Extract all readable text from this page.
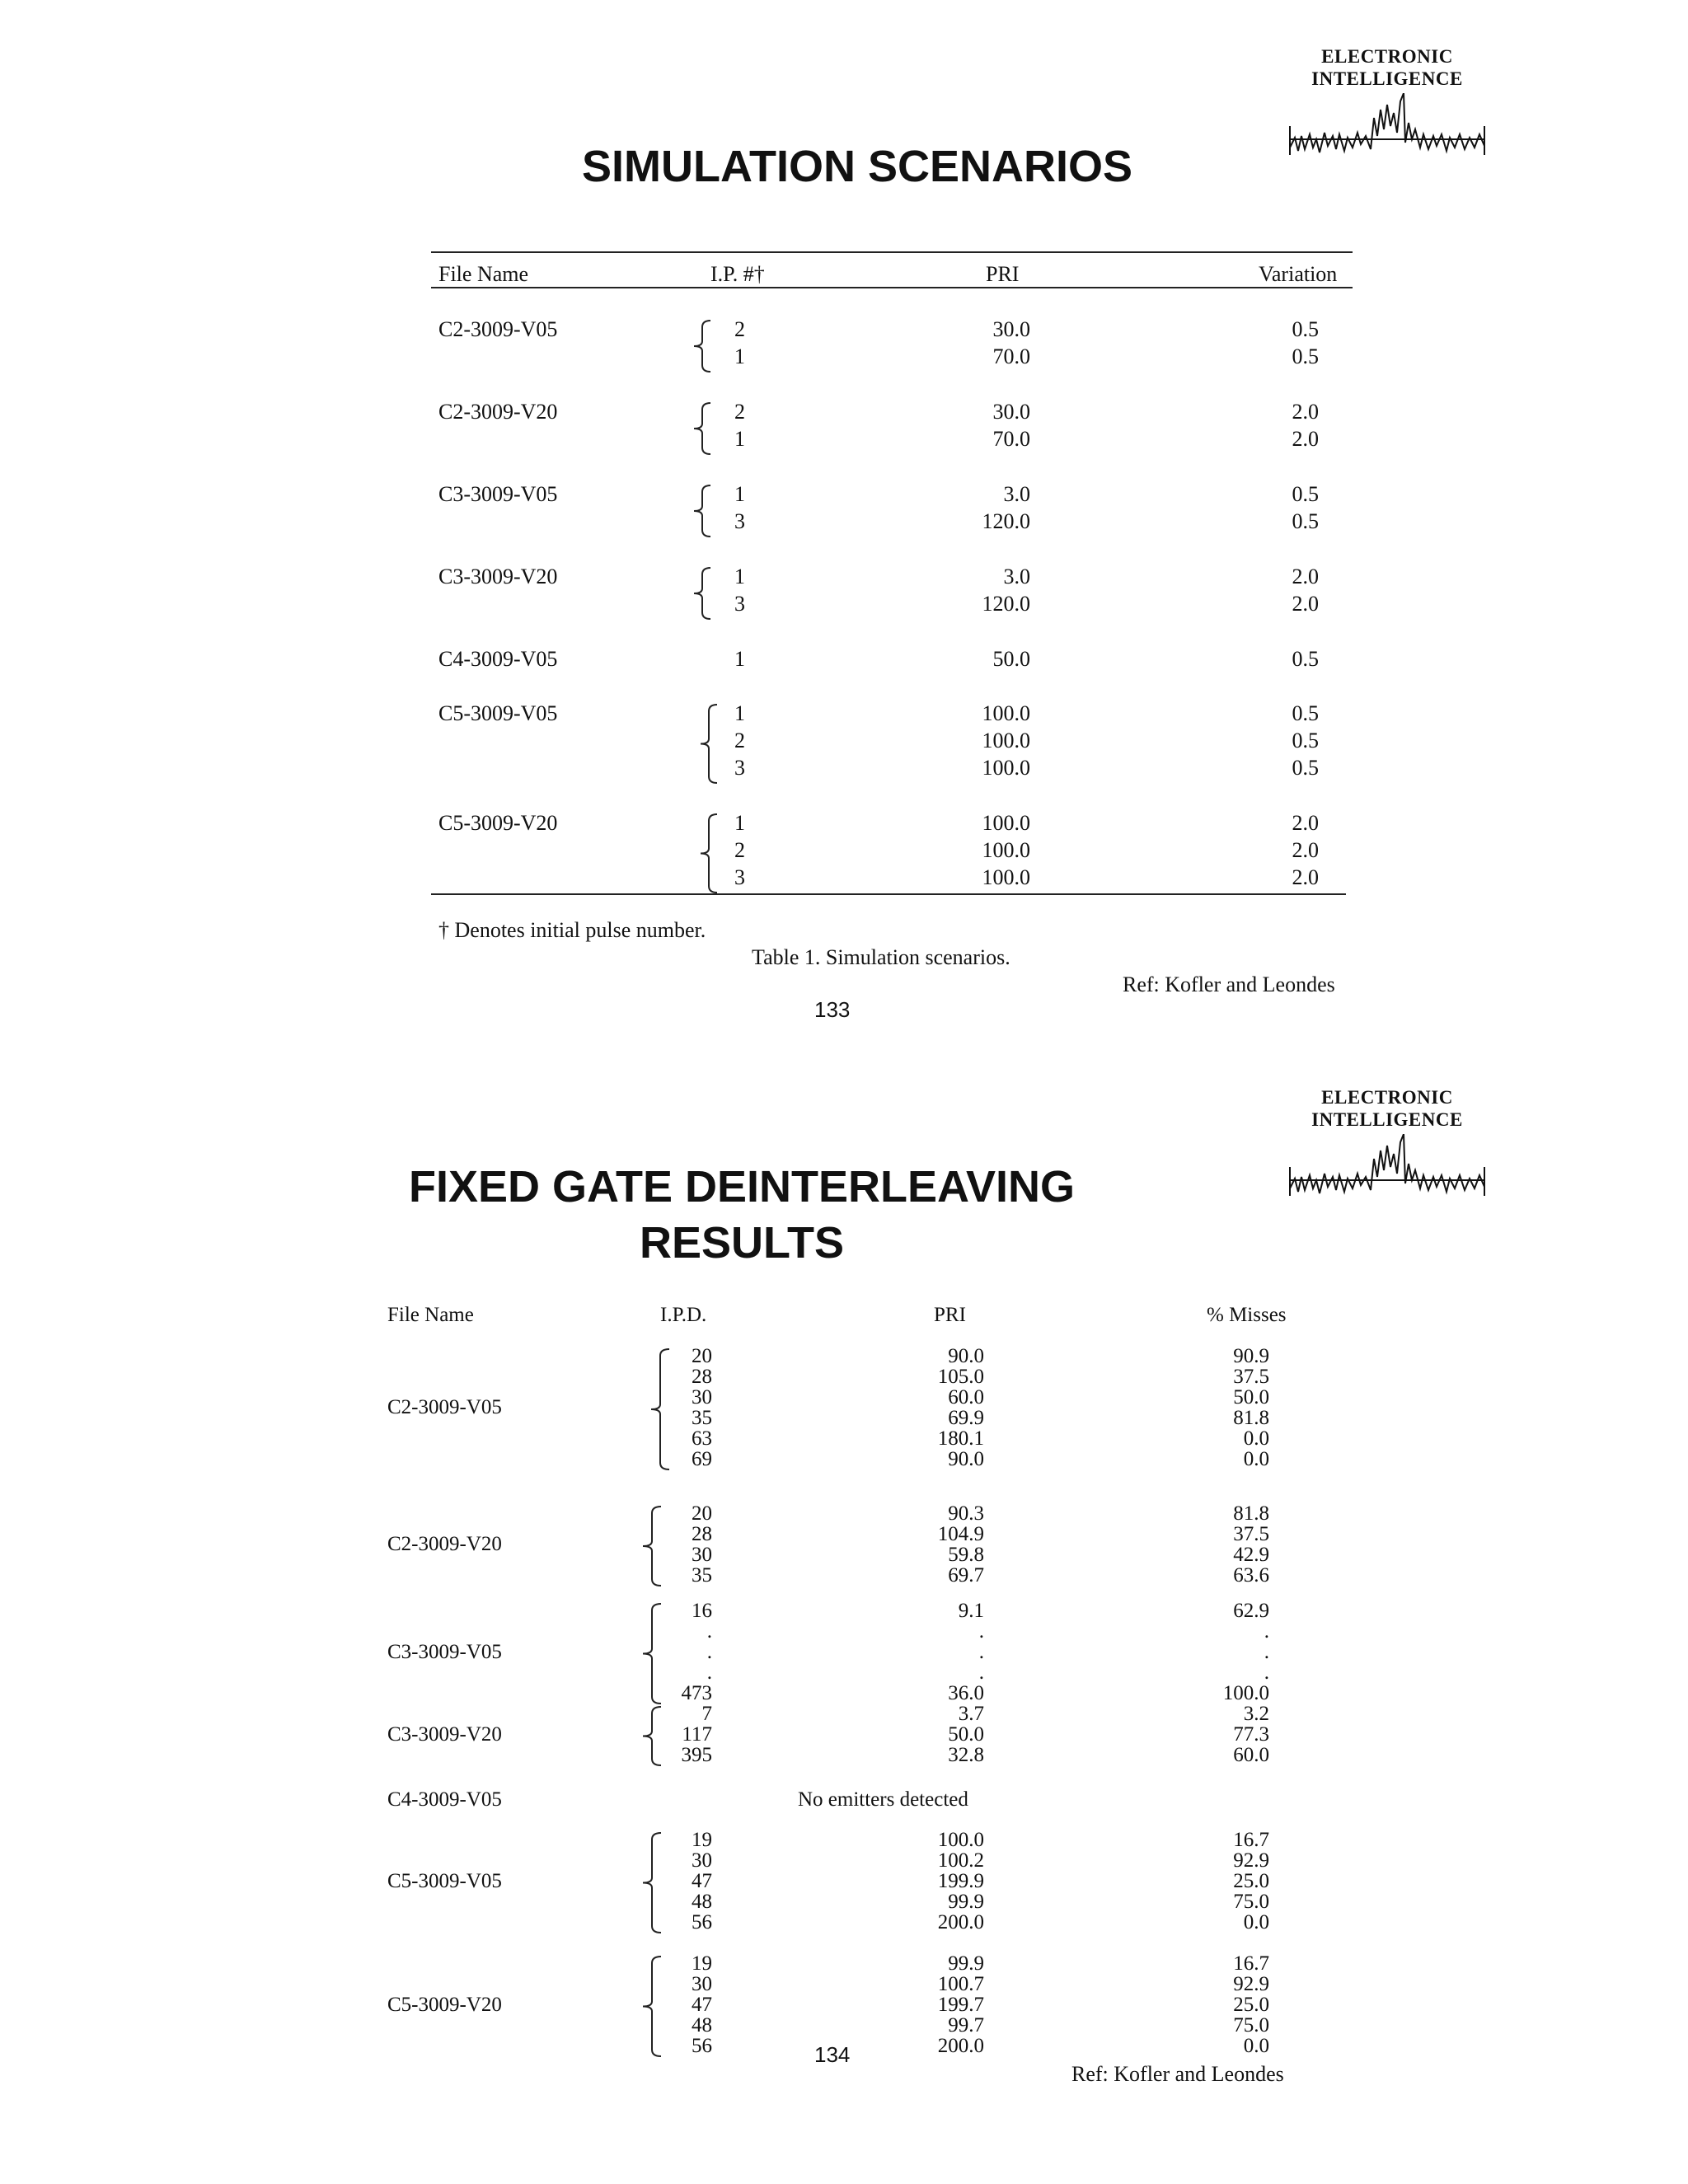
ELECTRONIC
INTELLIGENCE
SIMULATION SCENARIOS
File Name	I.P. #†	PRI	Variation
C2-3009-V05	2	30.0	0.5
1	70.0	0.5
C2-3009-V20	2	30.0	2.0
1	70.0	2.0
C3-3009-V05	1	3.0	0.5
3	120.0	0.5
C3-3009-V20	1	3.0	2.0
3	120.0	2.0
C4-3009-V05	1	50.0	0.5
C5-3009-V05	1	100.0	0.5
2	100.0	0.5
3	100.0	0.5
C5-3009-V20	1	100.0	2.0
2	100.0	2.0
3	100.0	2.0
† Denotes initial pulse number.
Table 1. Simulation scenarios.
Ref: Kofler and Leondes
133
ELECTRONIC
INTELLIGENCE
FIXED GATE DEINTERLEAVING
RESULTS
File Name	I.P.D.	PRI	% Misses
C2-3009-V05
20	90.0	90.9
28	105.0	37.5
30	60.0	50.0
35	69.9	81.8
63	180.1	0.0
69	90.0	0.0
C2-3009-V20
20	90.3	81.8
28	104.9	37.5
30	59.8	42.9
35	69.7	63.6
C3-3009-V05
16	9.1	62.9
.	.	.
.	.	.
.	.	.
473	36.0	100.0
C3-3009-V20
7	3.7	3.2
117	50.0	77.3
395	32.8	60.0
C4-3009-V05	No emitters detected
C5-3009-V05
19	100.0	16.7
30	100.2	92.9
47	199.9	25.0
48	99.9	75.0
56	200.0	0.0
C5-3009-V20
19	99.9	16.7
30	100.7	92.9
47	199.7	25.0
48	99.7	75.0
56	200.0	0.0
134
Ref: Kofler and Leondes
